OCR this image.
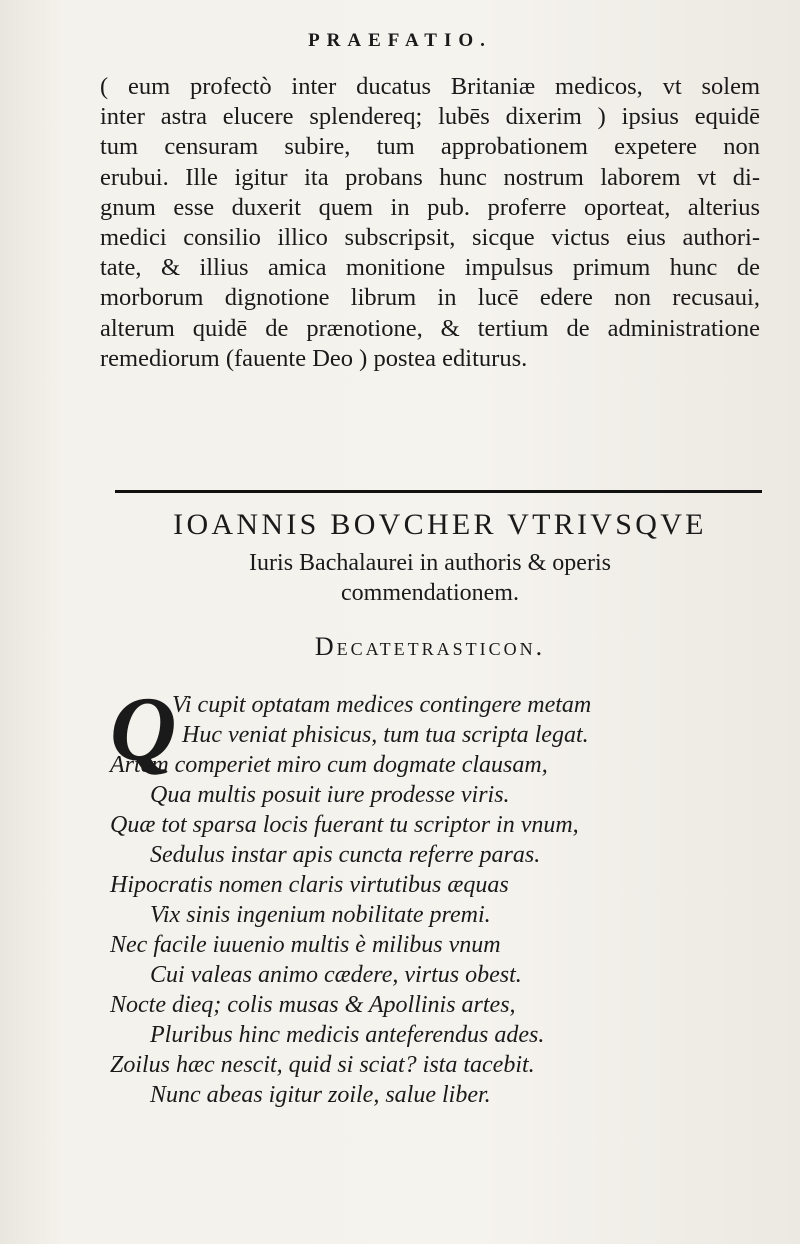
PRAEFATIO.
( eum profectò inter ducatus Britaniæ medicos, vt solem
inter astra elucere splendereq; lubēs dixerim ) ipsius equidē
tum censuram subire, tum approbationem expetere non
erubui. Ille igitur ita probans hunc nostrum laborem vt di-
gnum esse duxerit quem in pub. proferre oporteat, alterius
medici consilio illico subscripsit, sicque victus eius authori-
tate, & illius amica monitione impulsus primum hunc de
morborum dignotione librum in lucē edere non recusaui,
alterum quidē de prænotione, & tertium de administratione
remediorum (fauente Deo ) postea editurus.
IOANNIS BOVCHER VTRIVSQVE
Iuris Bachalaurei in authoris & operis
commendationem.
Decatetrasticon.
Q
Vi cupit optatam medices contingere metam
Huc veniat phisicus, tum tua scripta legat.
Artem comperiet miro cum dogmate clausam,
Qua multis posuit iure prodesse viris.
Quæ tot sparsa locis fuerant tu scriptor in vnum,
Sedulus instar apis cuncta referre paras.
Hipocratis nomen claris virtutibus æquas
Vix sinis ingenium nobilitate premi.
Nec facile iuuenio multis è milibus vnum
Cui valeas animo cædere, virtus obest.
Nocte dieq; colis musas & Apollinis artes,
Pluribus hinc medicis anteferendus ades.
Zoilus hæc nescit, quid si sciat? ista tacebit.
Nunc abeas igitur zoile, salue liber.
